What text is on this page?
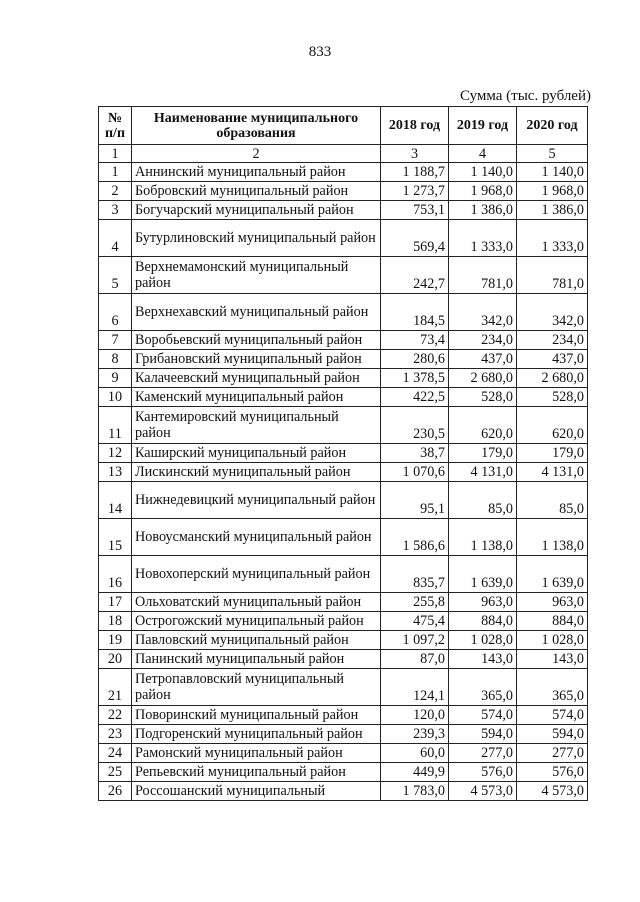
833
Сумма (тыс. рублей)
№ п/п	Наименование муниципального образования	2018 год	2019 год	2020 год
1	2	3	4	5
1	Аннинский муниципальный район	1 188,7	1 140,0	1 140,0
2	Бобровский муниципальный район	1 273,7	1 968,0	1 968,0
3	Богучарский муниципальный район	753,1	1 386,0	1 386,0
4	Бутурлиновский муниципальный район	569,4	1 333,0	1 333,0
5	Верхнемамонский муниципальный район	242,7	781,0	781,0
6	Верхнехавский муниципальный район	184,5	342,0	342,0
7	Воробьевский муниципальный район	73,4	234,0	234,0
8	Грибановский муниципальный район	280,6	437,0	437,0
9	Калачеевский муниципальный район	1 378,5	2 680,0	2 680,0
10	Каменский муниципальный район	422,5	528,0	528,0
11	Кантемировский муниципальный район	230,5	620,0	620,0
12	Каширский муниципальный район	38,7	179,0	179,0
13	Лискинский муниципальный район	1 070,6	4 131,0	4 131,0
14	Нижнедевицкий муниципальный район	95,1	85,0	85,0
15	Новоусманский муниципальный район	1 586,6	1 138,0	1 138,0
16	Новохоперский муниципальный район	835,7	1 639,0	1 639,0
17	Ольховатский муниципальный район	255,8	963,0	963,0
18	Острогожский муниципальный район	475,4	884,0	884,0
19	Павловский муниципальный район	1 097,2	1 028,0	1 028,0
20	Панинский муниципальный район	87,0	143,0	143,0
21	Петропавловский муниципальный район	124,1	365,0	365,0
22	Поворинский муниципальный район	120,0	574,0	574,0
23	Подгоренский муниципальный район	239,3	594,0	594,0
24	Рамонский муниципальный район	60,0	277,0	277,0
25	Репьевский муниципальный район	449,9	576,0	576,0
26	Россошанский муниципальный	1 783,0	4 573,0	4 573,0
